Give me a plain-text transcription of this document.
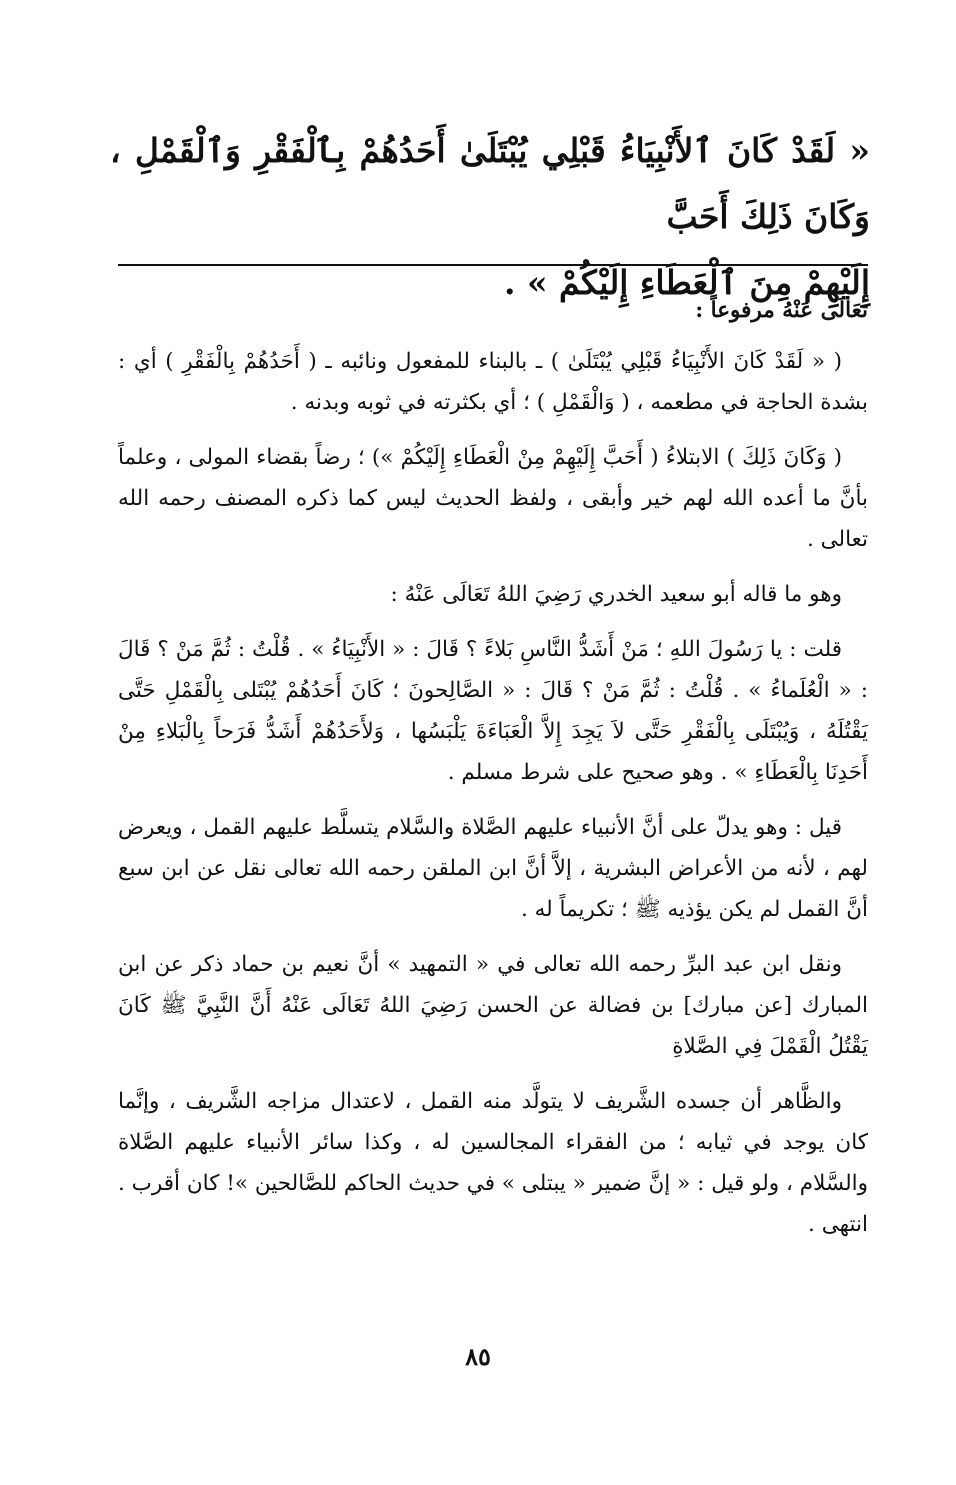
« لَقَدْ كَانَ ٱلأَنْبِيَاءُ قَبْلِي يُبْتَلَىٰ أَحَدُهُمْ بِٱلْفَقْرِ وَٱلْقَمْلِ ، وَكَانَ ذَلِكَ أَحَبَّ

إِلَيْهِمْ مِنَ ٱلْعَطَاءِ إِلَيْكُمْ » .

تعَالَى عَنْهُ مرفوعاً :

( « لَقَدْ كَانَ الأَنْبِيَاءُ قَبْلِي يُبْتَلَىٰ ) ـ بالبناء للمفعول ونائبه ـ ( أَحَدُهُمْ بِالْفَقْرِ ) أي : بشدة الحاجة في مطعمه ، ( وَالْقَمْلِ ) ؛ أي بكثرته في ثوبه وبدنه .

( وَكَانَ ذَلِكَ ) الابتلاءُ ( أَحَبَّ إِلَيْهِمْ مِنْ الْعَطَاءِ إِلَيْكُمْ ») ؛ رضاً بقضاء المولى ، وعلماً بأنَّ ما أعده الله لهم خير وأبقى ، ولفظ الحديث ليس كما ذكره المصنف رحمه الله تعالى .

وهو ما قاله أبو سعيد الخدري رَضِيَ اللهُ تَعَالَى عَنْهُ :

قلت : يا رَسُولَ اللهِ ؛ مَنْ أَشَدُّ النَّاسِ بَلاءً ؟ قَالَ : « الأَنْبِيَاءُ » . قُلْتُ : ثُمَّ مَنْ ؟ قَالَ : « الْعُلَماءُ » . قُلْتُ : ثُمَّ مَنْ ؟ قَالَ : « الصَّالِحونَ ؛ كَانَ أَحَدُهُمْ يُبْتَلى بِالْقَمْلِ حَتَّى يَقْتُلَهُ ، وَيُبْتَلَى بِالْفَقْرِ حَتَّى لاَ يَجِدَ إِلاَّ الْعَبَاءَةَ يَلْبَسُها ، وَلأَحَدُهُمْ أَشَدُّ فَرَحاً بِالْبَلاءِ مِنْ أَحَدِنَا بِالْعَطَاءِ » . وهو صحيح على شرط مسلم .

قيل : وهو يدلّ على أنَّ الأنبياء عليهم الصَّلاة والسَّلام يتسلَّط عليهم القمل ، ويعرض لهم ، لأنه من الأعراض البشرية ، إلاَّ أنَّ ابن الملقن رحمه الله تعالى نقل عن ابن سبع أنَّ القمل لم يكن يؤذيه ﷺ ؛ تكريماً له .

ونقل ابن عبد البرِّ رحمه الله تعالى في « التمهيد » أنَّ نعيم بن حماد ذكر عن ابن المبارك [عن مبارك] بن فضالة عن الحسن رَضِيَ اللهُ تَعَالَى عَنْهُ أَنَّ النَّبِيَّ ﷺ كَانَ يَقْتُلُ الْقَمْلَ فِي الصَّلاةِ

والظَّاهر أن جسده الشَّريف لا يتولَّد منه القمل ، لاعتدال مزاجه الشَّريف ، وإنَّما كان يوجد في ثيابه ؛ من الفقراء المجالسين له ، وكذا سائر الأنبياء عليهم الصَّلاة والسَّلام ، ولو قيل : « إنَّ ضمير « يبتلى » في حديث الحاكم للصَّالحين »! كان أقرب . انتهى .

٨٥
